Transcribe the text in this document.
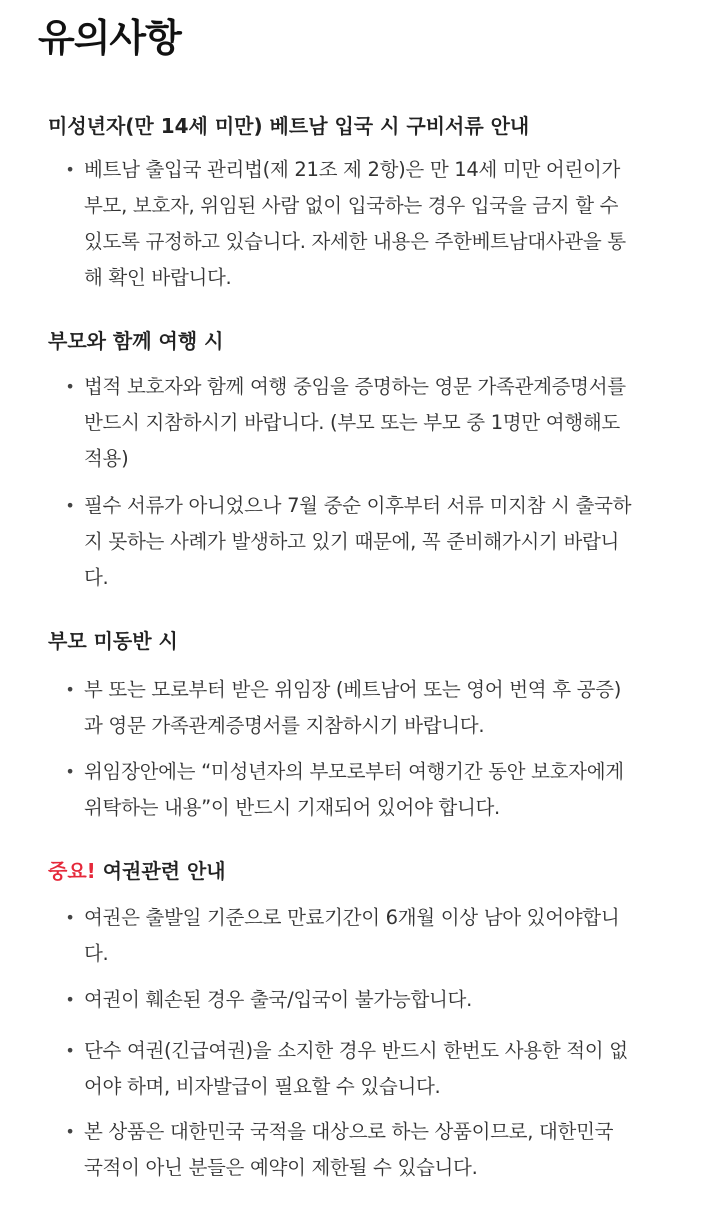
유의사항
미성년자(만 14세 미만) 베트남 입국 시 구비서류 안내
• 베트남 출입국 관리법(제 21조 제 2항)은 만 14세 미만 어린이가
부모, 보호자, 위임된 사람 없이 입국하는 경우 입국을 금지 할 수
있도록 규정하고 있습니다. 자세한 내용은 주한베트남대사관을 통
해 확인 바랍니다.
부모와 함께 여행 시
• 법적 보호자와 함께 여행 중임을 증명하는 영문 가족관계증명서를
반드시 지참하시기 바랍니다. (부모 또는 부모 중 1명만 여행해도
적용)
• 필수 서류가 아니었으나 7월 중순 이후부터 서류 미지참 시 출국하
지 못하는 사례가 발생하고 있기 때문에, 꼭 준비해가시기 바랍니
다.
부모 미동반 시
• 부 또는 모로부터 받은 위임장 (베트남어 또는 영어 번역 후 공증)
과 영문 가족관계증명서를 지참하시기 바랍니다.
• 위임장안에는 “미성년자의 부모로부터 여행기간 동안 보호자에게
위탁하는 내용”이 반드시 기재되어 있어야 합니다.
중요! 여권관련 안내
• 여권은 출발일 기준으로 만료기간이 6개월 이상 남아 있어야합니
다.
• 여권이 훼손된 경우 출국/입국이 불가능합니다.
• 단수 여권(긴급여권)을 소지한 경우 반드시 한번도 사용한 적이 없
어야 하며, 비자발급이 필요할 수 있습니다.
• 본 상품은 대한민국 국적을 대상으로 하는 상품이므로, 대한민국
국적이 아닌 분들은 예약이 제한될 수 있습니다.
